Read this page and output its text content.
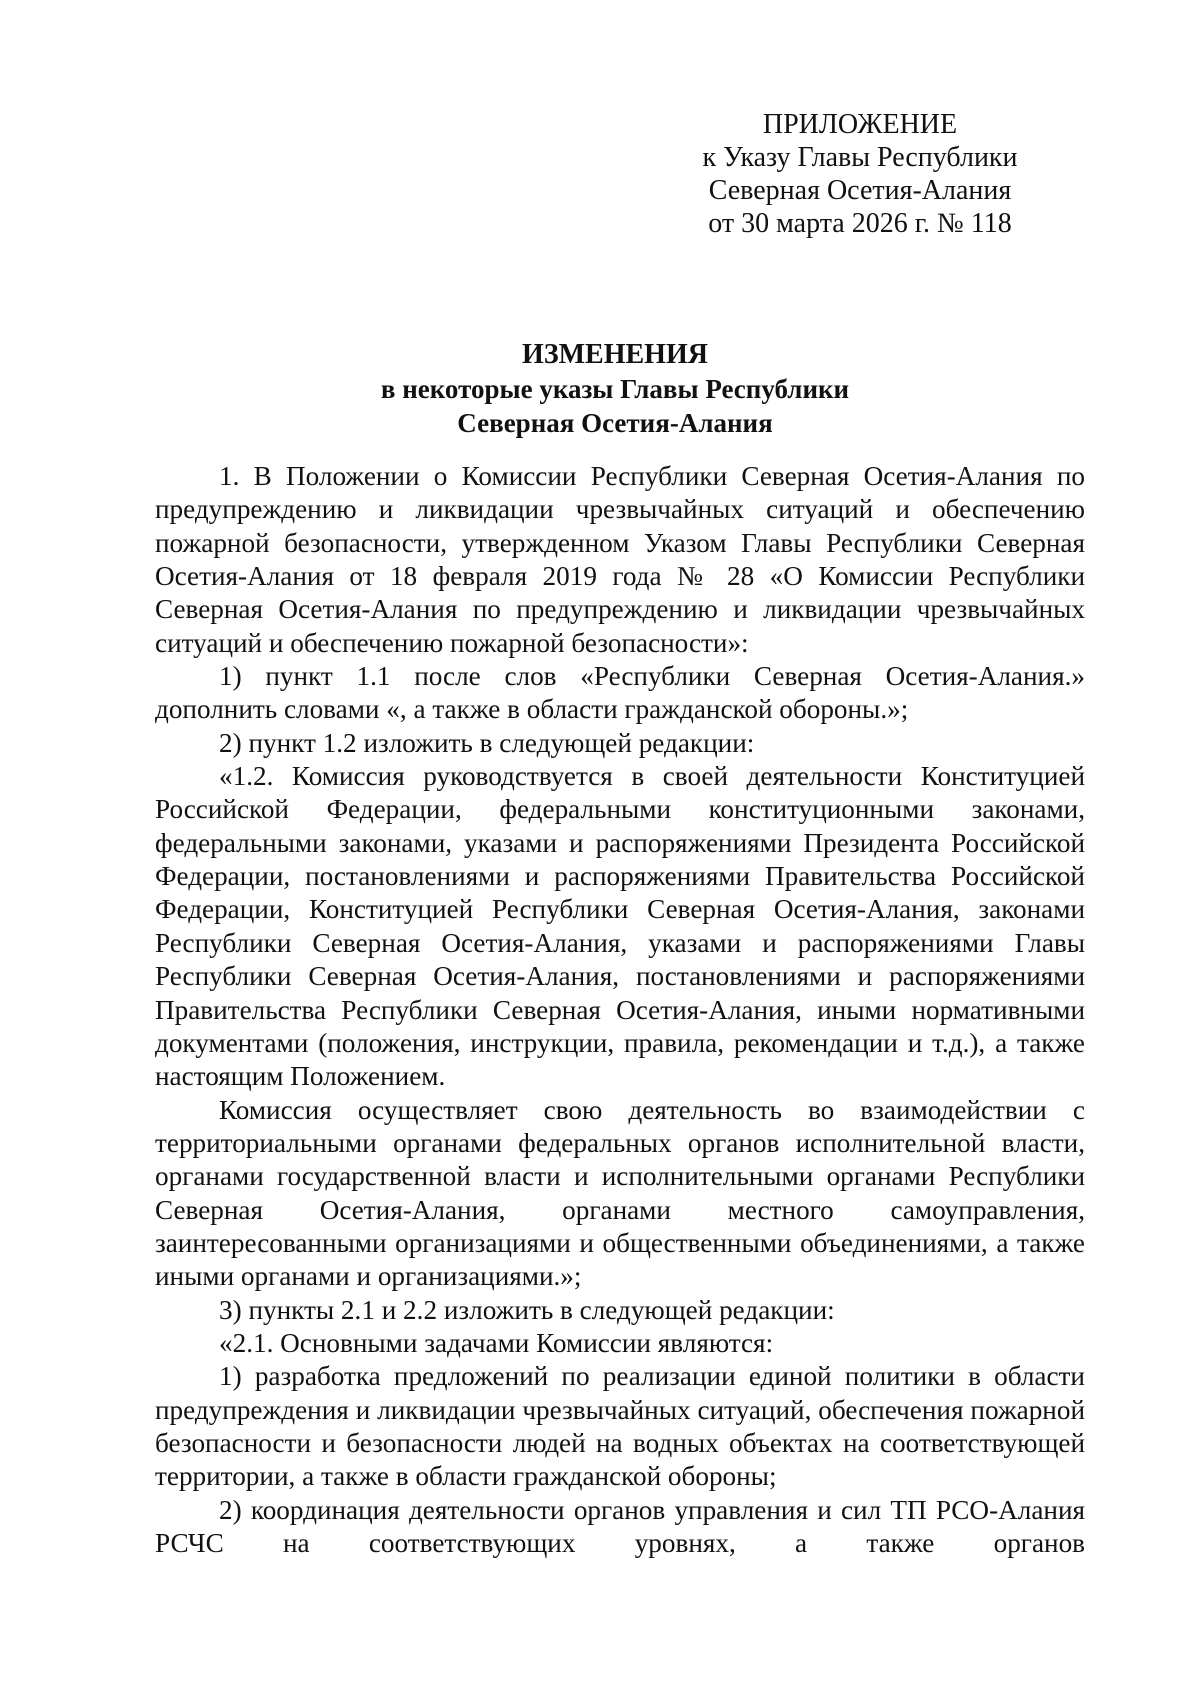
ПРИЛОЖЕНИЕ
к Указу Главы Республики
Северная Осетия-Алания
от 30 марта 2026 г. № 118
ИЗМЕНЕНИЯ
в некоторые указы Главы Республики
Северная Осетия-Алания

1. В Положении о Комиссии Республики Северная Осетия-Алания по предупреждению и ликвидации чрезвычайных ситуаций и обеспечению пожарной безопасности, утвержденном Указом Главы Республики Северная Осетия-Алания от 18 февраля 2019 года № 28 «О Комиссии Республики Северная Осетия-Алания по предупреждению и ликвидации чрезвычайных ситуаций и обеспечению пожарной безопасности»:

1) пункт 1.1 после слов «Республики Северная Осетия-Алания.» дополнить словами «, а также в области гражданской обороны.»;

2) пункт 1.2 изложить в следующей редакции:

«1.2. Комиссия руководствуется в своей деятельности Конституцией Российской Федерации, федеральными конституционными законами, федеральными законами, указами и распоряжениями Президента Российской Федерации, постановлениями и распоряжениями Правительства Российской Федерации, Конституцией Республики Северная Осетия-Алания, законами Республики Северная Осетия-Алания, указами и распоряжениями Главы Республики Северная Осетия-Алания, постановлениями и распоряжениями Правительства Республики Северная Осетия-Алания, иными нормативными документами (положения, инструкции, правила, рекомендации и т.д.), а также настоящим Положением.

Комиссия осуществляет свою деятельность во взаимодействии с территориальными органами федеральных органов исполнительной власти, органами государственной власти и исполнительными органами Республики Северная Осетия-Алания, органами местного самоуправления, заинтересованными организациями и общественными объединениями, а также иными органами и организациями.»;

3) пункты 2.1 и 2.2 изложить в следующей редакции:

«2.1. Основными задачами Комиссии являются:

1) разработка предложений по реализации единой политики в области предупреждения и ликвидации чрезвычайных ситуаций, обеспечения пожарной безопасности и безопасности людей на водных объектах на соответствующей территории, а также в области гражданской обороны;

2) координация деятельности органов управления и сил ТП РСО-Алания РСЧС на соответствующих уровнях, а также органов
